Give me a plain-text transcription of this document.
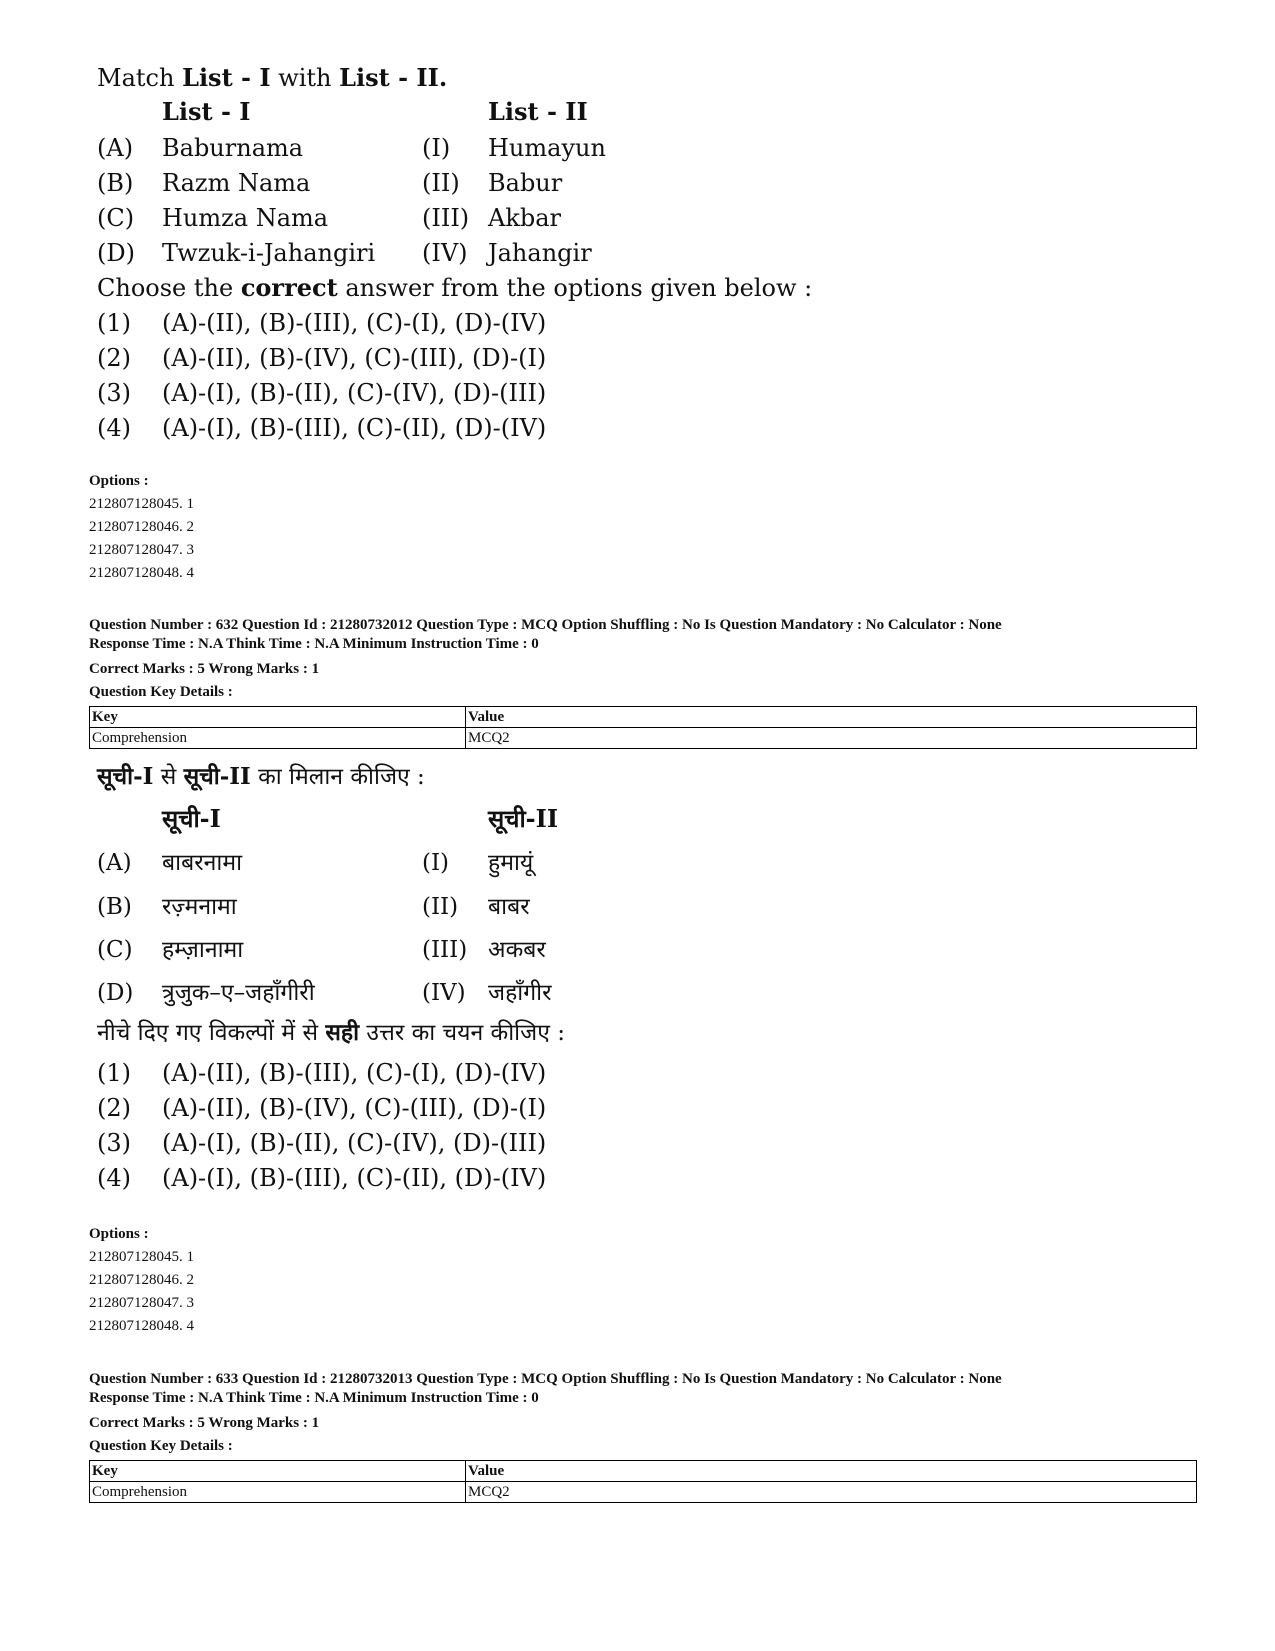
Match List - I with List - II.
List - I	List - II
(A) Baburnama	(I) Humayun
(B) Razm Nama	(II) Babur
(C) Humza Nama	(III) Akbar
(D) Twzuk-i-Jahangiri (IV) Jahangir
Choose the correct answer from the options given below :
(1) (A)-(II), (B)-(III), (C)-(I), (D)-(IV)
(2) (A)-(II), (B)-(IV), (C)-(III), (D)-(I)
(3) (A)-(I), (B)-(II), (C)-(IV), (D)-(III)
(4) (A)-(I), (B)-(III), (C)-(II), (D)-(IV)
Options :
212807128045. 1
212807128046. 2
212807128047. 3
212807128048. 4
Question Number : 632 Question Id : 21280732012 Question Type : MCQ Option Shuffling : No Is Question Mandatory : No Calculator : None
Response Time : N.A Think Time : N.A Minimum Instruction Time : 0
Correct Marks : 5 Wrong Marks : 1
Question Key Details :
Key	Value
Comprehension	MCQ2
सूची-I से सूची-II का मिलान कीजिए :
सूची-I	सूची-II
(A) बाबरनामा	(I) हुमायूं
(B) रज़्मनामा	(II) बाबर
(C) हम्ज़ानामा	(III) अकबर
(D) त्रुजुक–ए–जहाँगीरी	(IV) जहाँगीर
नीचे दिए गए विकल्पों में से सही उत्तर का चयन कीजिए :
(1) (A)-(II), (B)-(III), (C)-(I), (D)-(IV)
(2) (A)-(II), (B)-(IV), (C)-(III), (D)-(I)
(3) (A)-(I), (B)-(II), (C)-(IV), (D)-(III)
(4) (A)-(I), (B)-(III), (C)-(II), (D)-(IV)
Options :
212807128045. 1
212807128046. 2
212807128047. 3
212807128048. 4
Question Number : 633 Question Id : 21280732013 Question Type : MCQ Option Shuffling : No Is Question Mandatory : No Calculator : None
Response Time : N.A Think Time : N.A Minimum Instruction Time : 0
Correct Marks : 5 Wrong Marks : 1
Question Key Details :
Key	Value
Comprehension	MCQ2
